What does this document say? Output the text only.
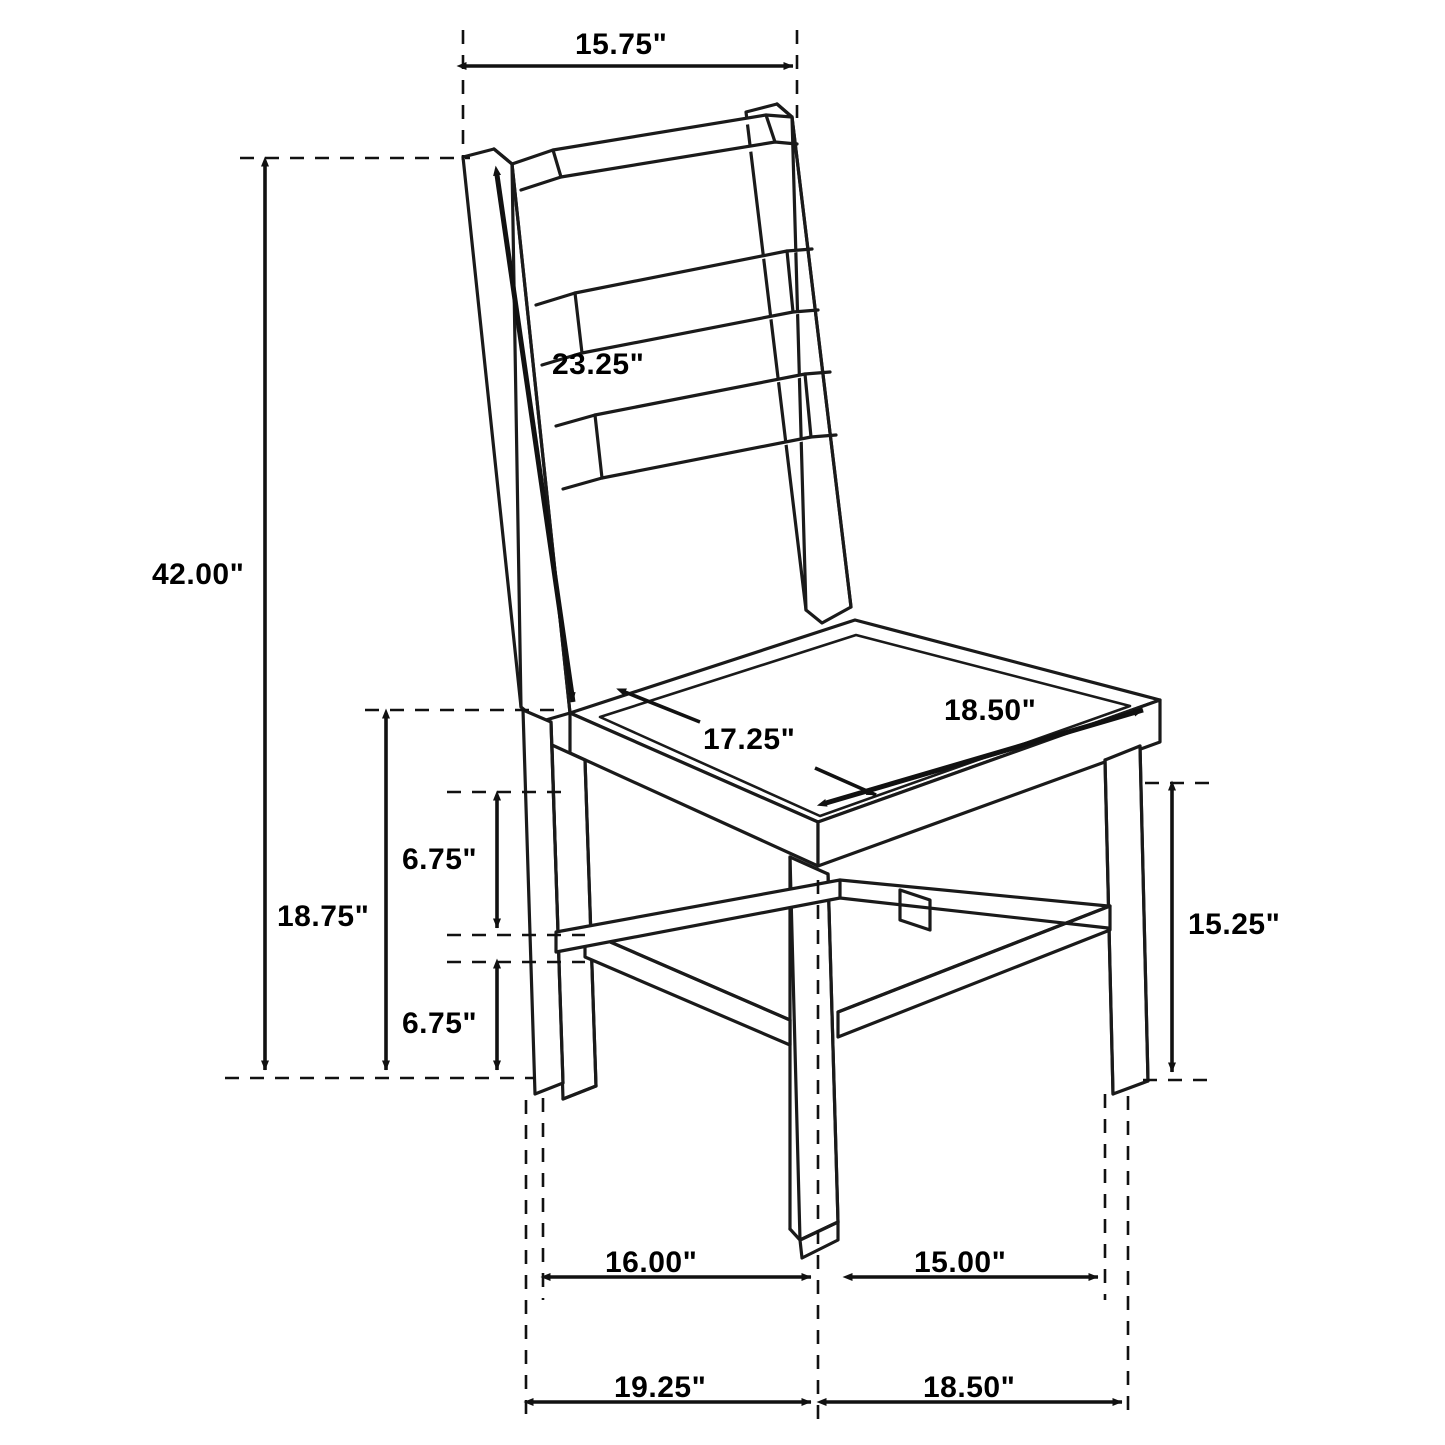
15.75"
23.25"
42.00"
17.25"
18.50"
6.75"
18.75"
6.75"
15.25"
16.00"	15.00"
19.25"	18.50"
